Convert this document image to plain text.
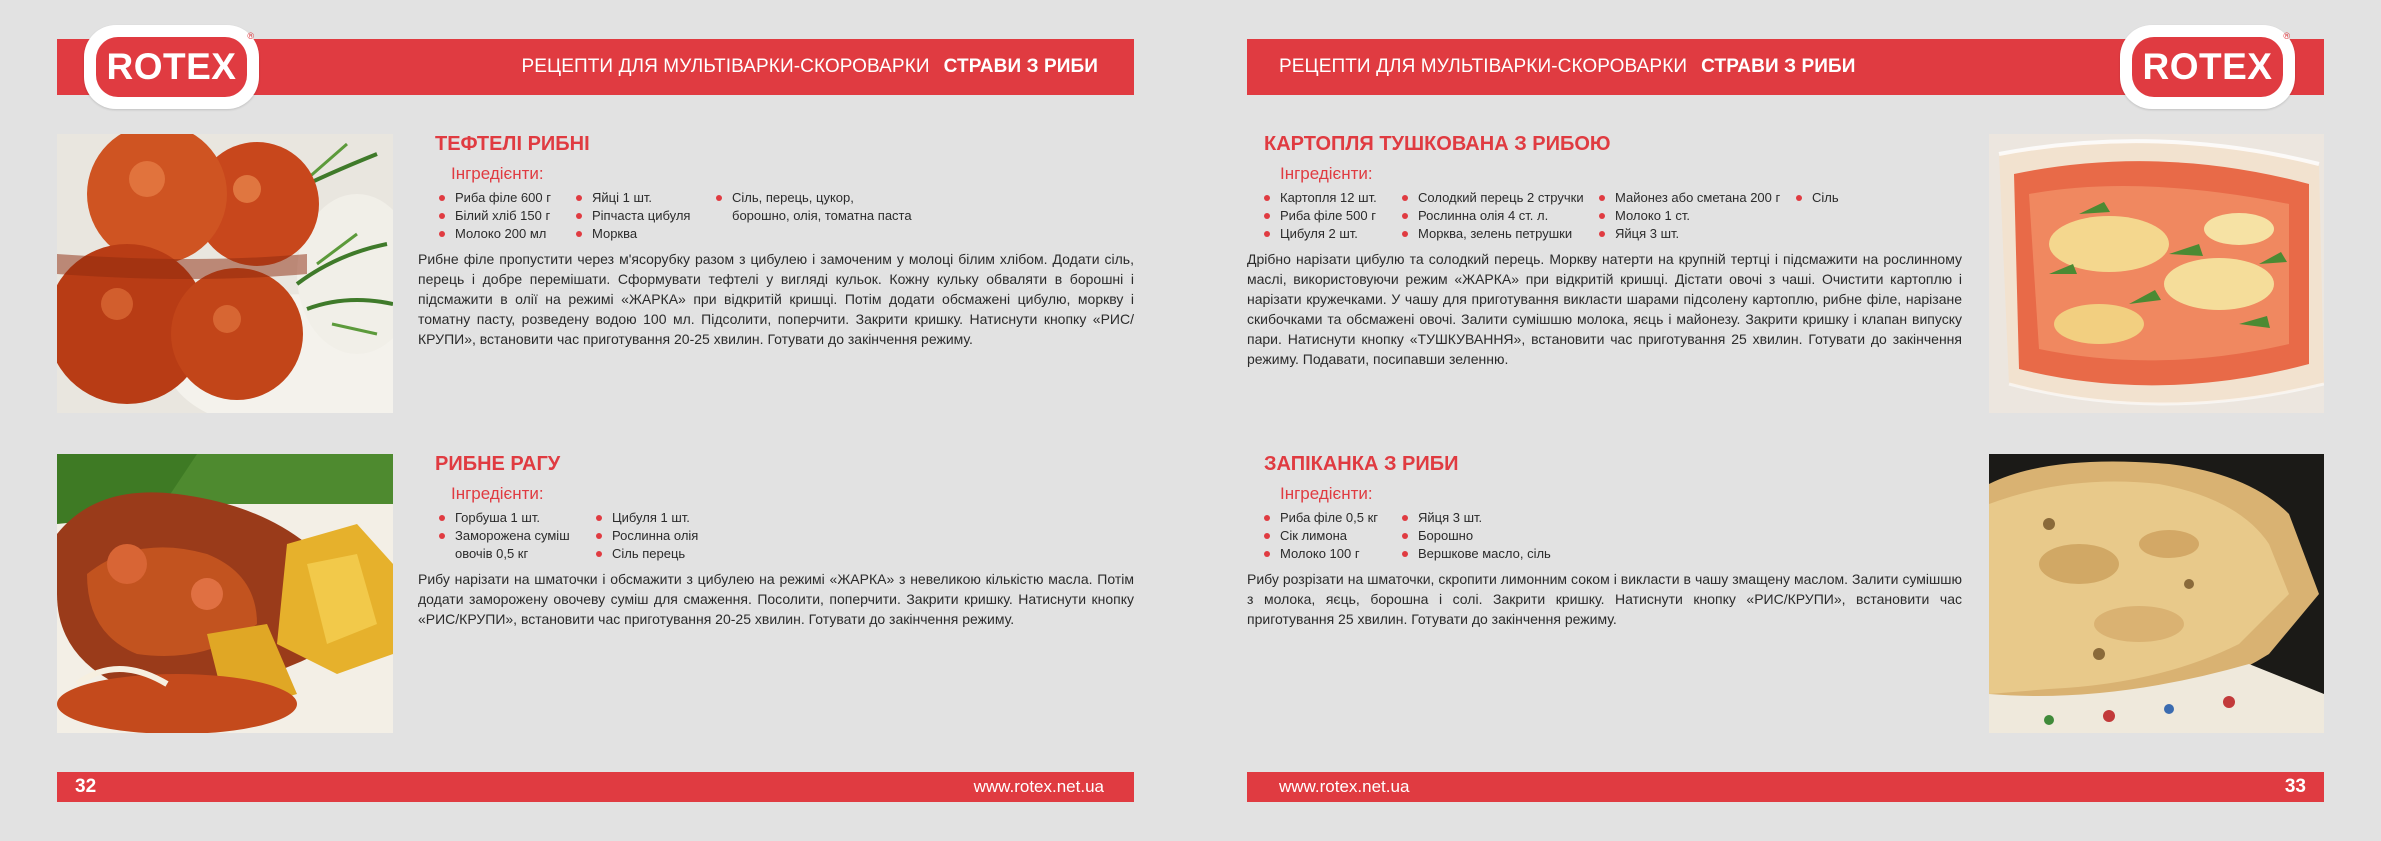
РЕЦЕПТИ ДЛЯ МУЛЬТІВАРКИ-СКОРОВАРКИ СТРАВИ З РИБИ
ROTEX
®
ТЕФТЕЛІ РИБНІ
Інгредієнти:
Риба філе 600 г
Білий хліб 150 г
Молоко 200 мл
Яйці 1 шт.
Ріпчаста цибуля
Морква
Сіль, перець, цукор,
борошно, олія, томатна паста

Рибне філе пропустити через м'ясорубку разом з цибулею і замоченим у молоці білим хлібом. Додати сіль, перець і добре перемішати. Сформувати тефтелі у вигляді кульок. Кожну кульку обваляти в борошні і підсмажити в олії на режимі «ЖАРКА» при відкритій кришці. Потім додати обсмажені цибулю, моркву і томатну пасту, розведену водою 100 мл. Підсолити, поперчити. Закрити кришку. Натиснути кнопку «РИС/КРУПИ», встановити час приготування 20-25 хвилин. Готувати до закінчення режиму.

РИБНЕ РАГУ
Інгредієнти:
Горбуша 1 шт.
Заморожена суміш
овочів 0,5 кг
Цибуля 1 шт.
Рослинна олія
Сіль перець

Рибу нарізати на шматочки і обсмажити з цибулею на режимі «ЖАРКА» з невеликою кількістю масла. Потім додати заморожену овочеву суміш для смаження. Посолити, поперчити. Закрити кришку. Натиснути кнопку «РИС/КРУПИ», встановити час приготування 20-25 хвилин. Готувати до закінчення режиму.

32	www.rotex.net.ua
РЕЦЕПТИ ДЛЯ МУЛЬТІВАРКИ-СКОРОВАРКИ СТРАВИ З РИБИ	ROTEX
®
КАРТОПЛЯ ТУШКОВАНА З РИБОЮ
Інгредієнти:
Картопля 12 шт.
Риба філе 500 г
Цибуля 2 шт.
Солодкий перець 2 стручки
Рослинна олія 4 ст. л.
Морква, зелень петрушки
Майонез або сметана 200 г
Молоко 1 ст.
Яйця 3 шт.
Сіль

Дрібно нарізати цибулю та солодкий перець. Моркву натерти на крупній тертці і підсмажити на рослинному маслі, використовуючи режим «ЖАРКА» при відкритій кришці. Дістати овочі з чаші. Очистити картоплю і нарізати кружечками. У чашу для приготування викласти шарами підсолену картоплю, рибне філе, нарізане скибочками та обсмажені овочі. Залити сумішшю молока, яєць і майонезу. Закрити кришку і клапан випуску пари. Натиснути кнопку «ТУШКУВАННЯ», встановити час приготування 25 хвилин. Готувати до закінчення режиму. Подавати, посипавши зеленню.

ЗАПІКАНКА З РИБИ
Інгредієнти:
Риба філе 0,5 кг
Сік лимона
Молоко 100 г
Яйця 3 шт.
Борошно
Вершкове масло, сіль

Рибу розрізати на шматочки, скропити лимонним соком і викласти в чашу змащену маслом. Залити сумішшю з молока, яєць, борошна і солі. Закрити кришку. Натиснути кнопку «РИС/КРУПИ», встановити час приготування 25 хвилин. Готувати до закінчення режиму.

www.rotex.net.ua	33
